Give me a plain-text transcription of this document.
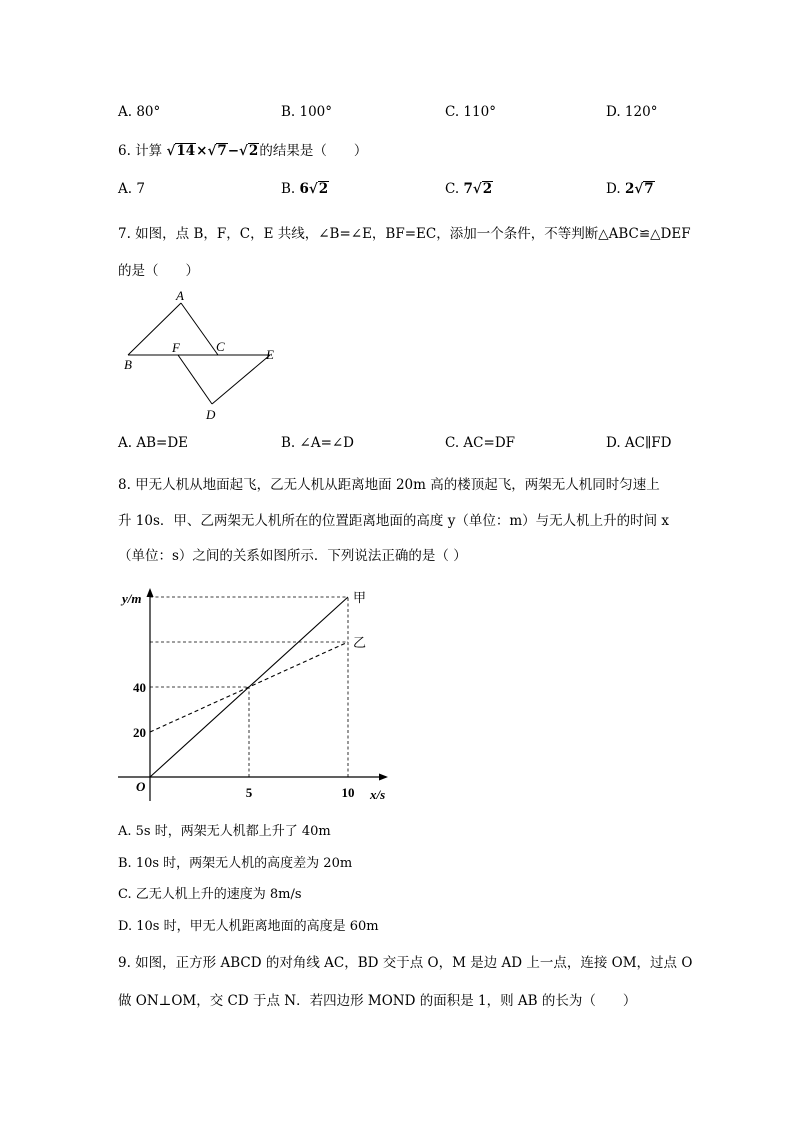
A. 80°	B. 100°	C. 110°	D. 120°
6. 计算 √14×√7−√2的结果是（　　）
A. 7	B. 6√2	C. 7√2	D. 2√7
7. 如图，点 B，F，C，E 共线，∠B=∠E，BF=EC，添加一个条件，不等判断△ABC≌△DEF
的是（　　）
A
B
F	C
E
D
A. AB=DE	B. ∠A=∠D	C. AC=DF	D. AC∥FD
8. 甲无人机从地面起飞，乙无人机从距离地面 20m 高的楼顶起飞，两架无人机同时匀速上
升 10s．甲、乙两架无人机所在的位置距离地面的高度 y（单位：m）与无人机上升的时间 x
（单位：s）之间的关系如图所示．下列说法正确的是（ ）
甲
乙
5	10
20
40
O
x/s
y/m
A. 5s 时，两架无人机都上升了 40m
B. 10s 时，两架无人机的高度差为 20m
C. 乙无人机上升的速度为 8m/s
D. 10s 时，甲无人机距离地面的高度是 60m
9. 如图，正方形 ABCD 的对角线 AC，BD 交于点 O，M 是边 AD 上一点，连接 OM，过点 O
做 ON⊥OM，交 CD 于点 N．若四边形 MOND 的面积是 1，则 AB 的长为（　　）
